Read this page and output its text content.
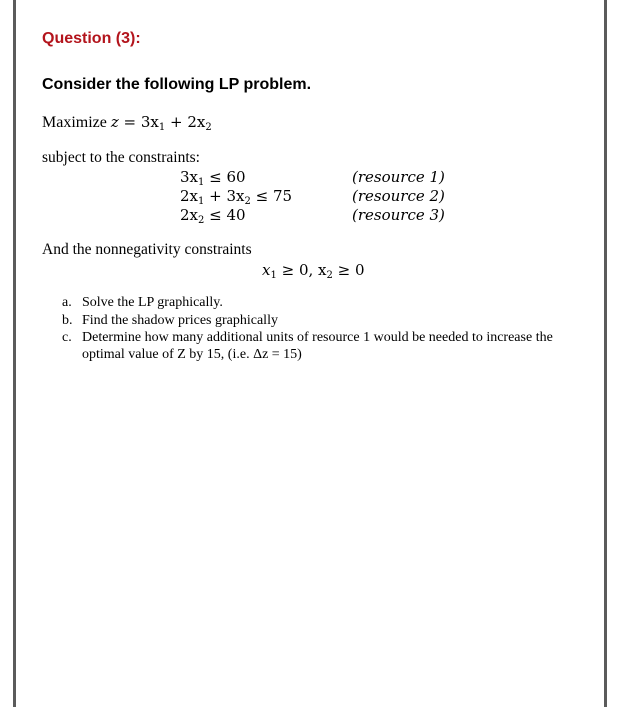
Question (3):
Consider the following LP problem.
Maximize $z = 3x_1 + 2x_2$
subject to the constraints:
$3x_1 \le 60$
$2x_1 + 3x_2 \le 75$
$2x_2 \le 40$
(resource 1)
(resource 2)
(resource 3)
And the nonnegativity constraints
$x_1 \ge 0$, $x_2 \ge 0$
a. Solve the LP graphically.
b. Find the shadow prices graphically
c. Determine how many additional units of resource 1 would be needed to increase the
optimal value of Z by 15, (i.e. Δz = 15)
